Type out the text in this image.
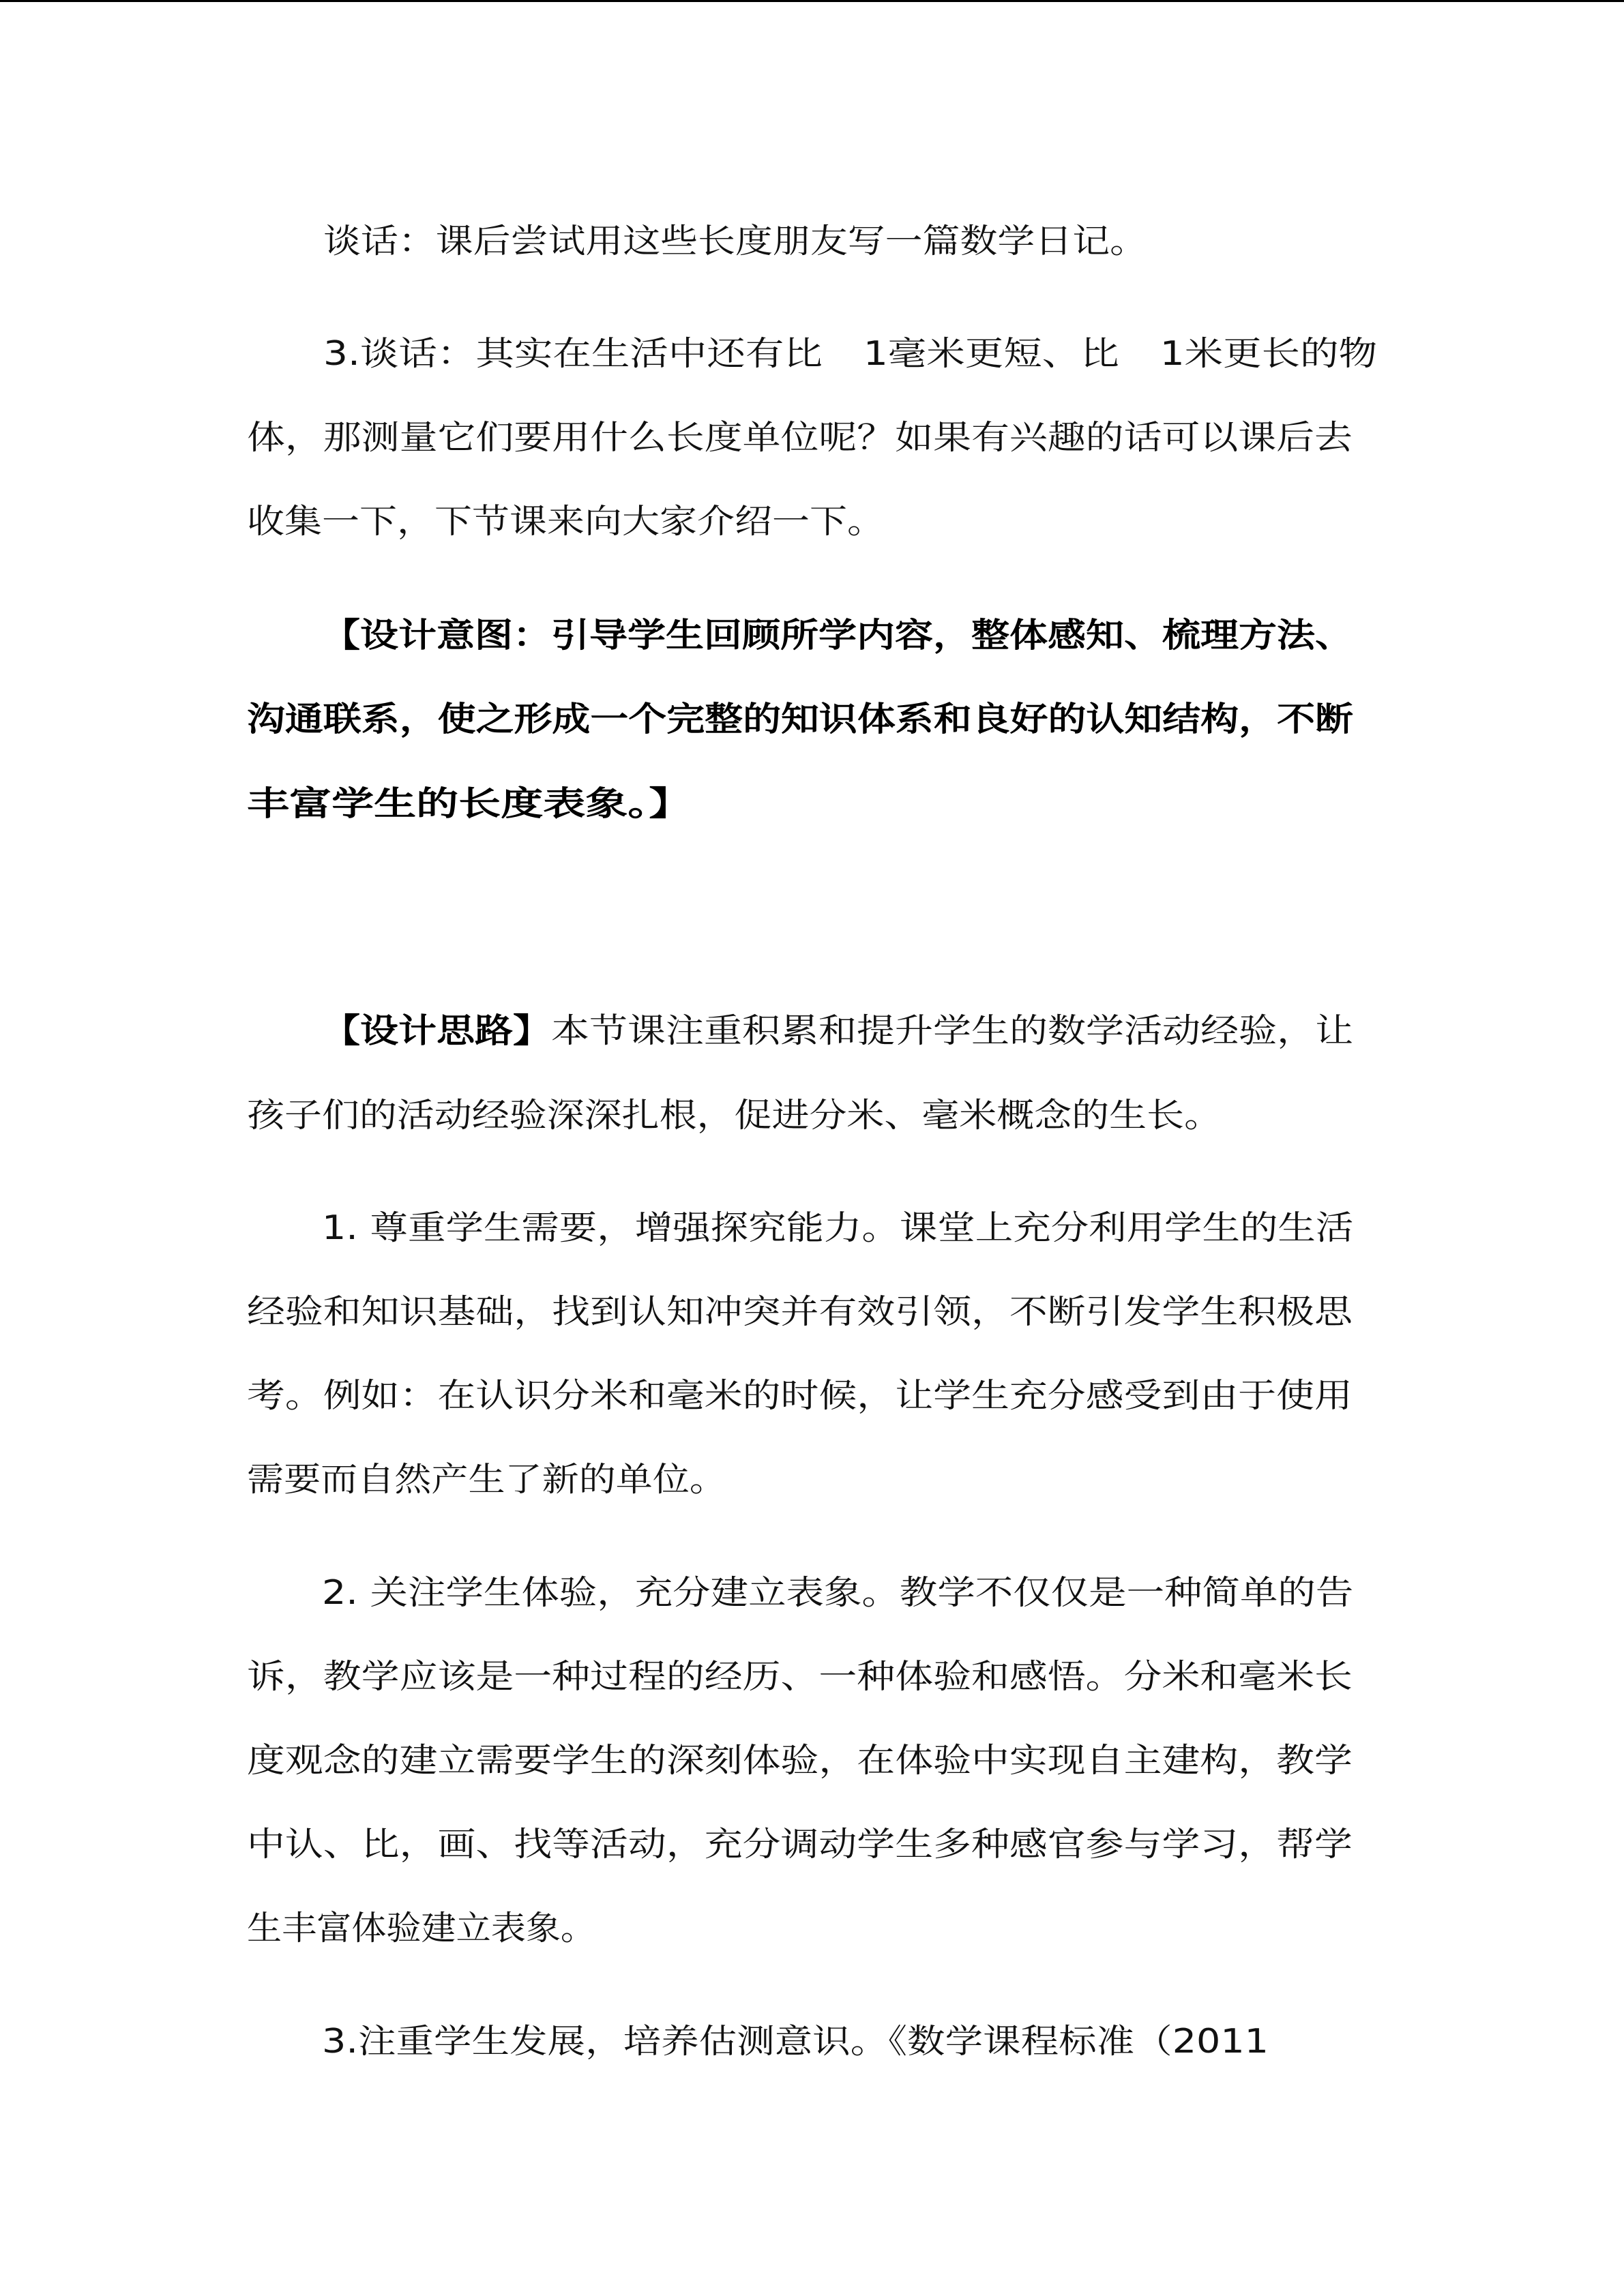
谈话：课后尝试用这些长度朋友写一篇数学日记。
3.谈话：其实在生活中还有比 1毫米更短、比 1米更长的物
体，那测量它们要用什么长度单位呢？如果有兴趣的话可以课后去
收集一下，下节课来向大家介绍一下。
【设计意图：引导学生回顾所学内容，整体感知、梳理方法、
沟通联系，使之形成一个完整的知识体系和良好的认知结构，不断
丰富学生的长度表象。】
【设计思路】本节课注重积累和提升学生的数学活动经验，让
孩子们的活动经验深深扎根，促进分米、毫米概念的生长。
1. 尊重学生需要，增强探究能力。课堂上充分利用学生的生活
经验和知识基础，找到认知冲突并有效引领，不断引发学生积极思
考。例如：在认识分米和毫米的时候，让学生充分感受到由于使用
需要而自然产生了新的单位。
2. 关注学生体验，充分建立表象。教学不仅仅是一种简单的告
诉，教学应该是一种过程的经历、一种体验和感悟。分米和毫米长
度观念的建立需要学生的深刻体验，在体验中实现自主建构，教学
中认、比，画、找等活动，充分调动学生多种感官参与学习，帮学
生丰富体验建立表象。
3.注重学生发展，培养估测意识。《数学课程标准（2011
